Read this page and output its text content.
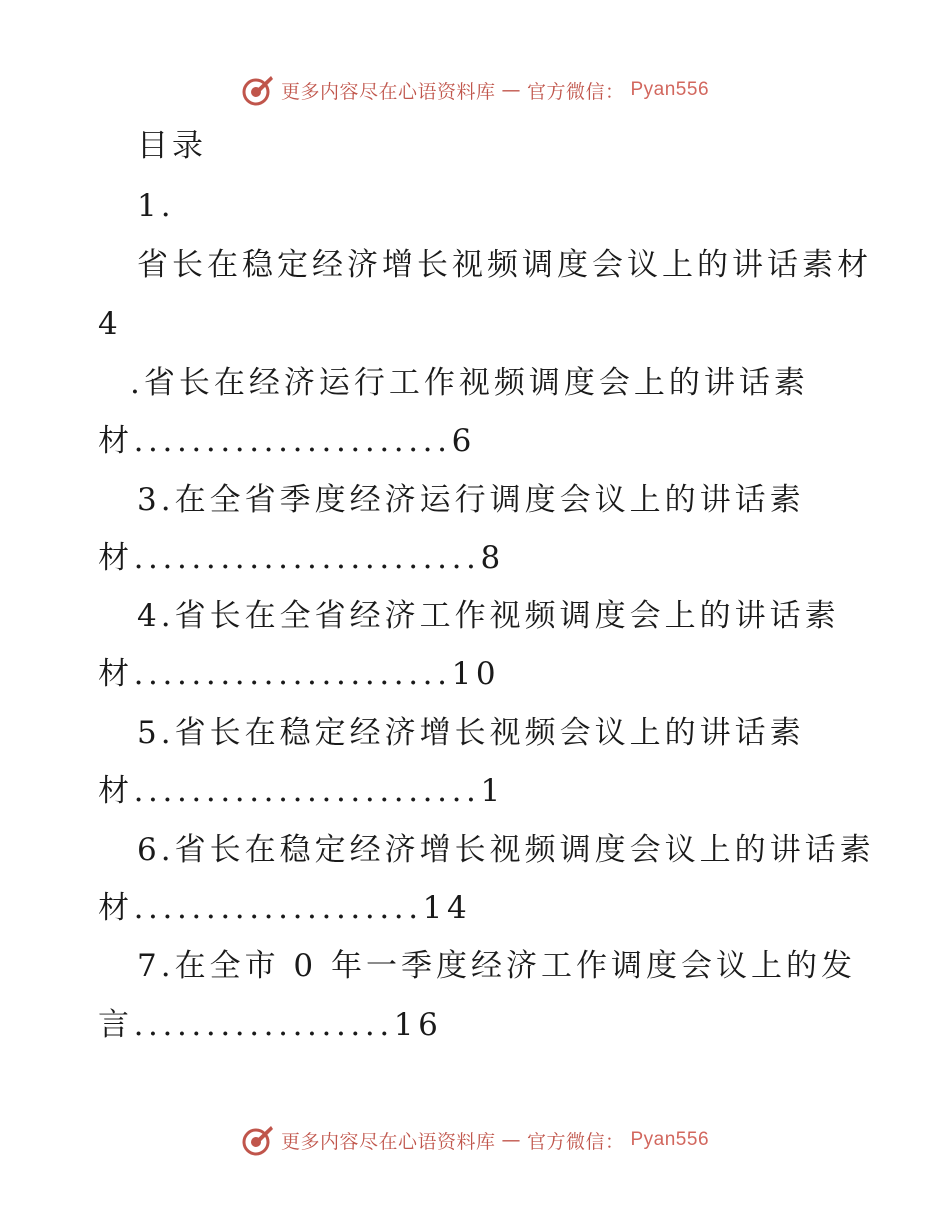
更多内容尽在心语资料库 — 官方微信： Pyan556
目录
1.
省长在稳定经济增长视频调度会议上的讲话素材
4
.省长在经济运行工作视频调度会上的讲话素
材......................6
3.在全省季度经济运行调度会议上的讲话素
材........................8
4.省长在全省经济工作视频调度会上的讲话素
材......................10
5.省长在稳定经济增长视频会议上的讲话素
材........................1
6.省长在稳定经济增长视频调度会议上的讲话素
材....................14
7.在全市 0 年一季度经济工作调度会议上的发
言..................16
更多内容尽在心语资料库 — 官方微信： Pyan556
